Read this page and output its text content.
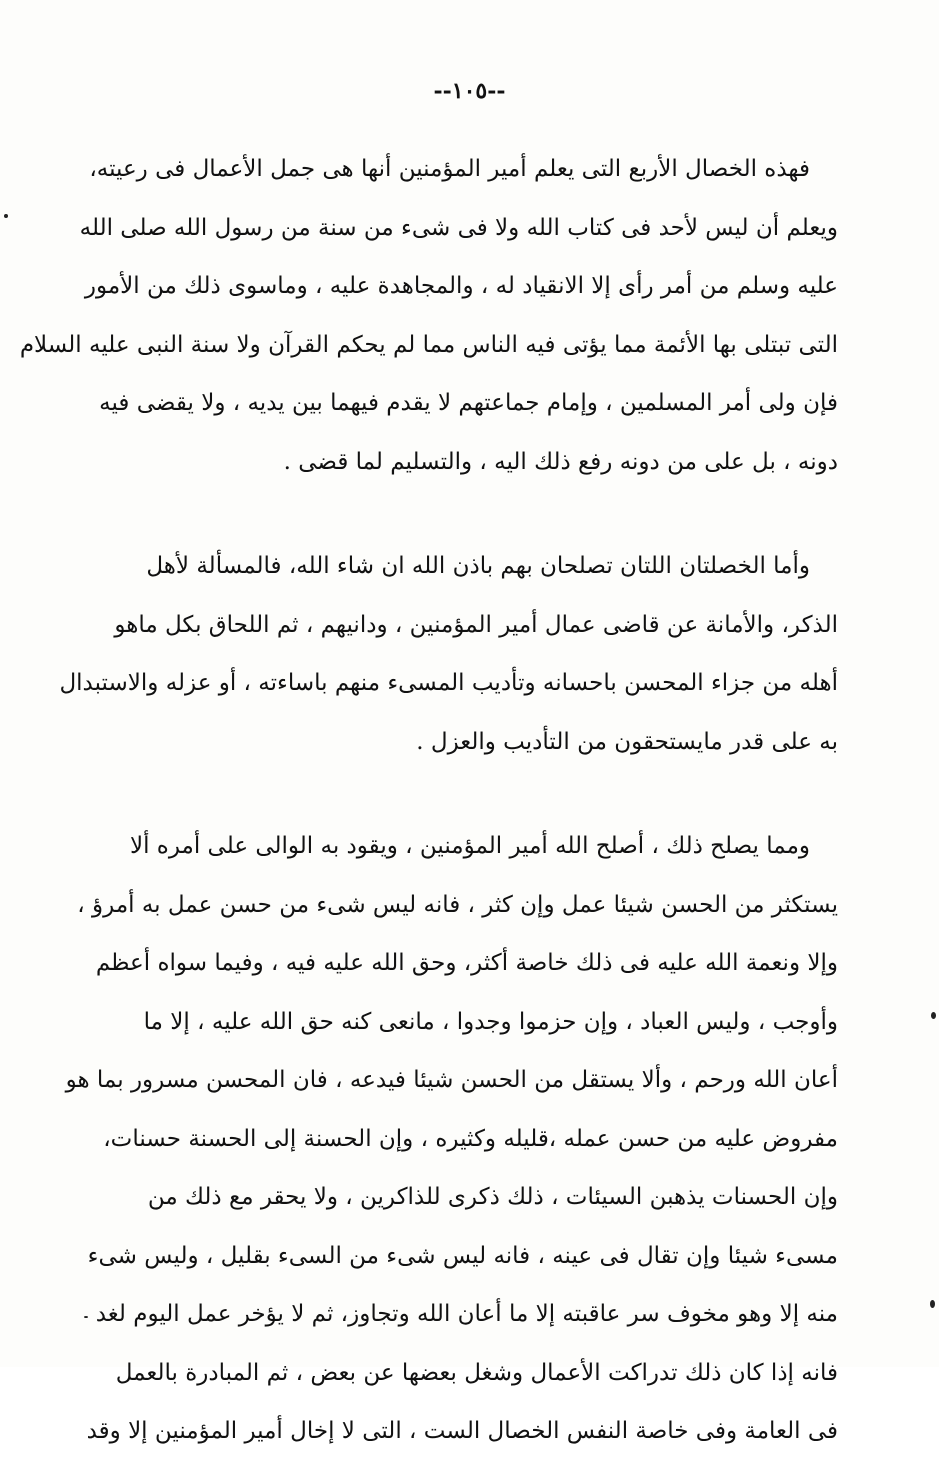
--١٠٥--
فهذه الخصال الأربع التى يعلم أمير المؤمنين أنها هى جمل الأعمال فى رعيته،
ويعلم أن ليس لأحد فى كتاب الله ولا فى شىء من سنة من رسول الله صلى الله
عليه وسلم من أمر رأى إلا الانقياد له ، والمجاهدة عليه ، وماسوى ذلك من الأمور
التى تبتلى بها الأئمة مما يؤتى فيه الناس مما لم يحكم القرآن ولا سنة النبى عليه السلام
فإن ولى أمر المسلمين ، وإمام جماعتهم لا يقدم فيهما بين يديه ، ولا يقضى فيه
دونه ، بل على من دونه رفع ذلك اليه ، والتسليم لما قضى .
وأما الخصلتان اللتان تصلحان بهم باذن الله ان شاء الله، فالمسألة لأهل
الذكر، والأمانة عن قاضى عمال أمير المؤمنين ، ودانيهم ، ثم اللحاق بكل ماهو
أهله من جزاء المحسن باحسانه وتأديب المسىء منهم باساءته ، أو عزله والاستبدال
به على قدر مايستحقون من التأديب والعزل .
ومما يصلح ذلك ، أصلح الله أمير المؤمنين ، ويقود به الوالى على أمره ألا
يستكثر من الحسن شيئا عمل وإن كثر ، فانه ليس شىء من حسن عمل به أمرؤ ،
وإلا ونعمة الله عليه فى ذلك خاصة أكثر، وحق الله عليه فيه ، وفيما سواه أعظم
وأوجب ، وليس العباد ، وإن حزموا وجدوا ، مانعى كنه حق الله عليه ، إلا ما
أعان الله ورحم ، وألا يستقل من الحسن شيئا فيدعه ، فان المحسن مسرور بما هو
مفروض عليه من حسن عمله ،قليله وكثيره ، وإن الحسنة إلى الحسنة حسنات،
وإن الحسنات يذهبن السيئات ، ذلك ذكرى للذاكرين ، ولا يحقر مع ذلك من
مسىء شيئا وإن تقال فى عينه ، فانه ليس شىء من السىء بقليل ، وليس شىء
منه إلا وهو مخوف سر عاقبته إلا ما أعان الله وتجاوز، ثم لا يؤخر عمل اليوم لغد
فانه إذا كان ذلك تدراكت الأعمال وشغل بعضها عن بعض ، ثم المبادرة بالعمل
فى العامة وفى خاصة النفس الخصال الست ، التى لا إخال أمير المؤمنين إلا وقد
